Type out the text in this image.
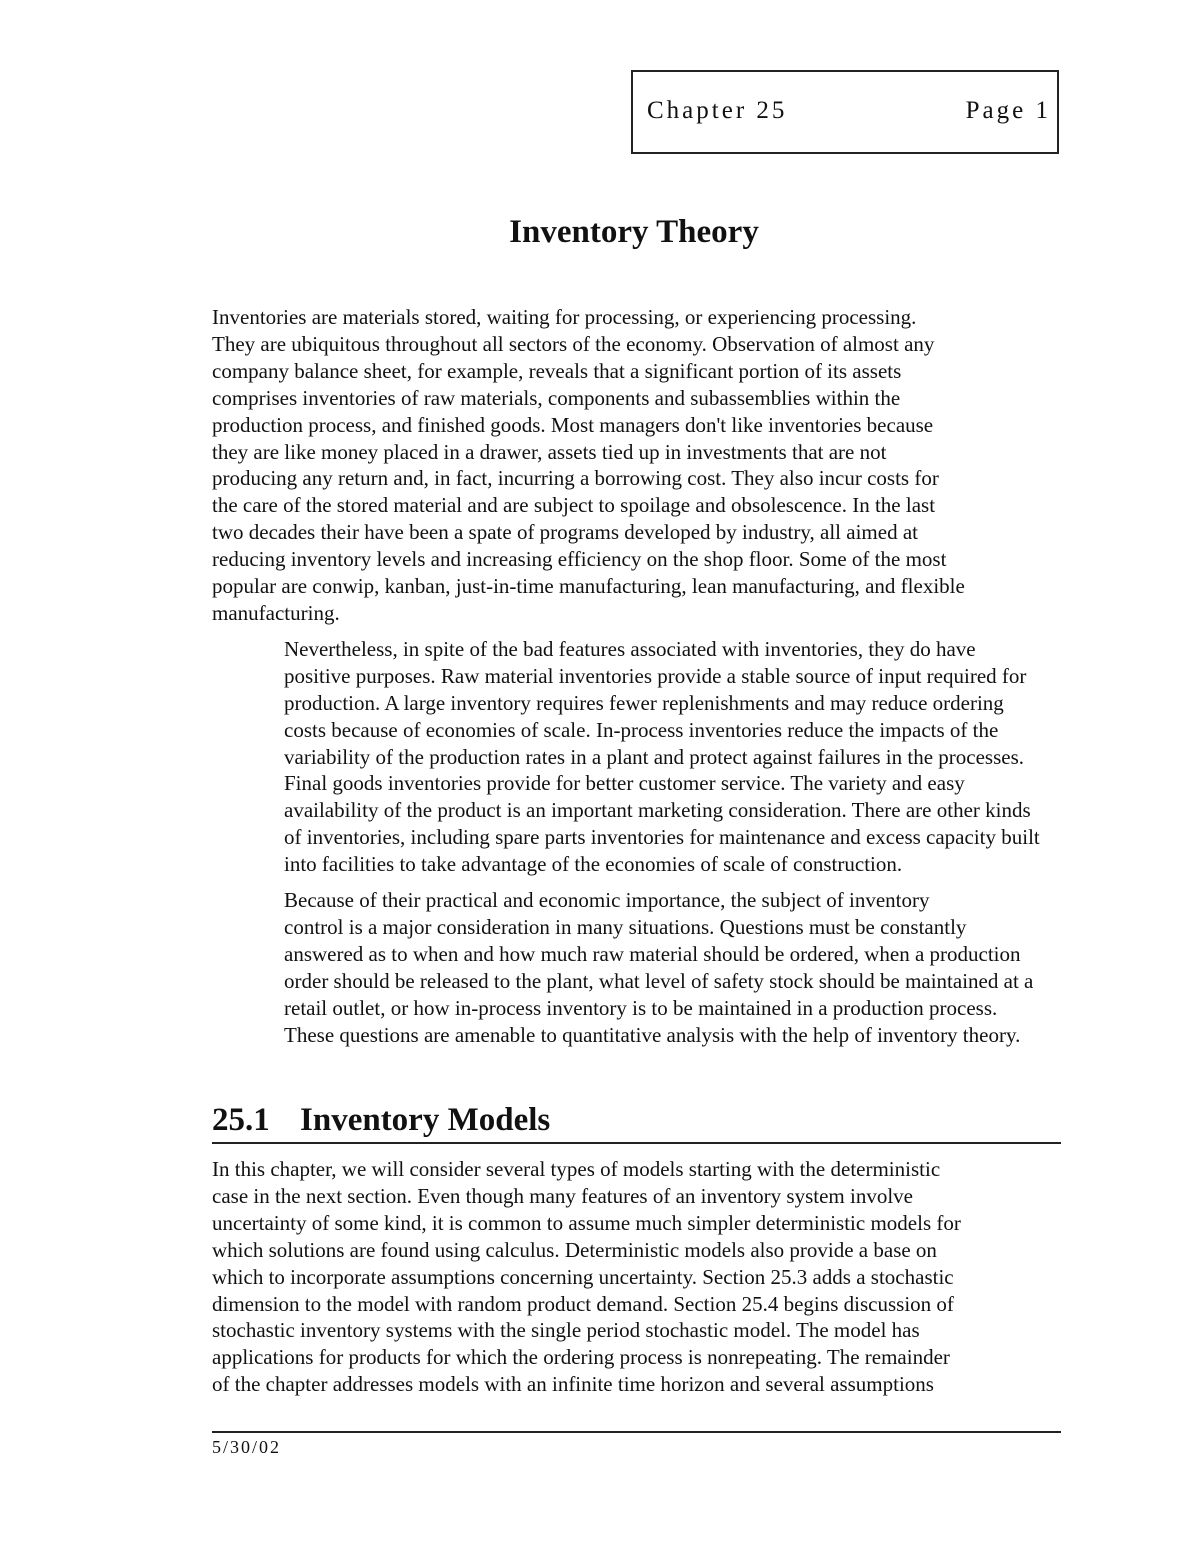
Chapter 25	Page 1
Inventory Theory

Inventories are materials stored, waiting for processing, or experiencing processing.
They are ubiquitous throughout all sectors of the economy. Observation of almost any
company balance sheet, for example, reveals that a significant portion of its assets
comprises inventories of raw materials, components and subassemblies within the
production process, and finished goods. Most managers don't like inventories because
they are like money placed in a drawer, assets tied up in investments that are not
producing any return and, in fact, incurring a borrowing cost. They also incur costs for
the care of the stored material and are subject to spoilage and obsolescence. In the last
two decades their have been a spate of programs developed by industry, all aimed at
reducing inventory levels and increasing efficiency on the shop floor. Some of the most
popular are conwip, kanban, just-in-time manufacturing, lean manufacturing, and flexible
manufacturing.

Nevertheless, in spite of the bad features associated with inventories, they do have
positive purposes. Raw material inventories provide a stable source of input required for
production. A large inventory requires fewer replenishments and may reduce ordering
costs because of economies of scale. In-process inventories reduce the impacts of the
variability of the production rates in a plant and protect against failures in the processes.
Final goods inventories provide for better customer service. The variety and easy
availability of the product is an important marketing consideration. There are other kinds
of inventories, including spare parts inventories for maintenance and excess capacity built
into facilities to take advantage of the economies of scale of construction.

Because of their practical and economic importance, the subject of inventory
control is a major consideration in many situations. Questions must be constantly
answered as to when and how much raw material should be ordered, when a production
order should be released to the plant, what level of safety stock should be maintained at a
retail outlet, or how in-process inventory is to be maintained in a production process.
These questions are amenable to quantitative analysis with the help of inventory theory.

25.1 Inventory Models

In this chapter, we will consider several types of models starting with the deterministic
case in the next section. Even though many features of an inventory system involve
uncertainty of some kind, it is common to assume much simpler deterministic models for
which solutions are found using calculus. Deterministic models also provide a base on
which to incorporate assumptions concerning uncertainty. Section 25.3 adds a stochastic
dimension to the model with random product demand. Section 25.4 begins discussion of
stochastic inventory systems with the single period stochastic model. The model has
applications for products for which the ordering process is nonrepeating. The remainder
of the chapter addresses models with an infinite time horizon and several assumptions

5/30/02
